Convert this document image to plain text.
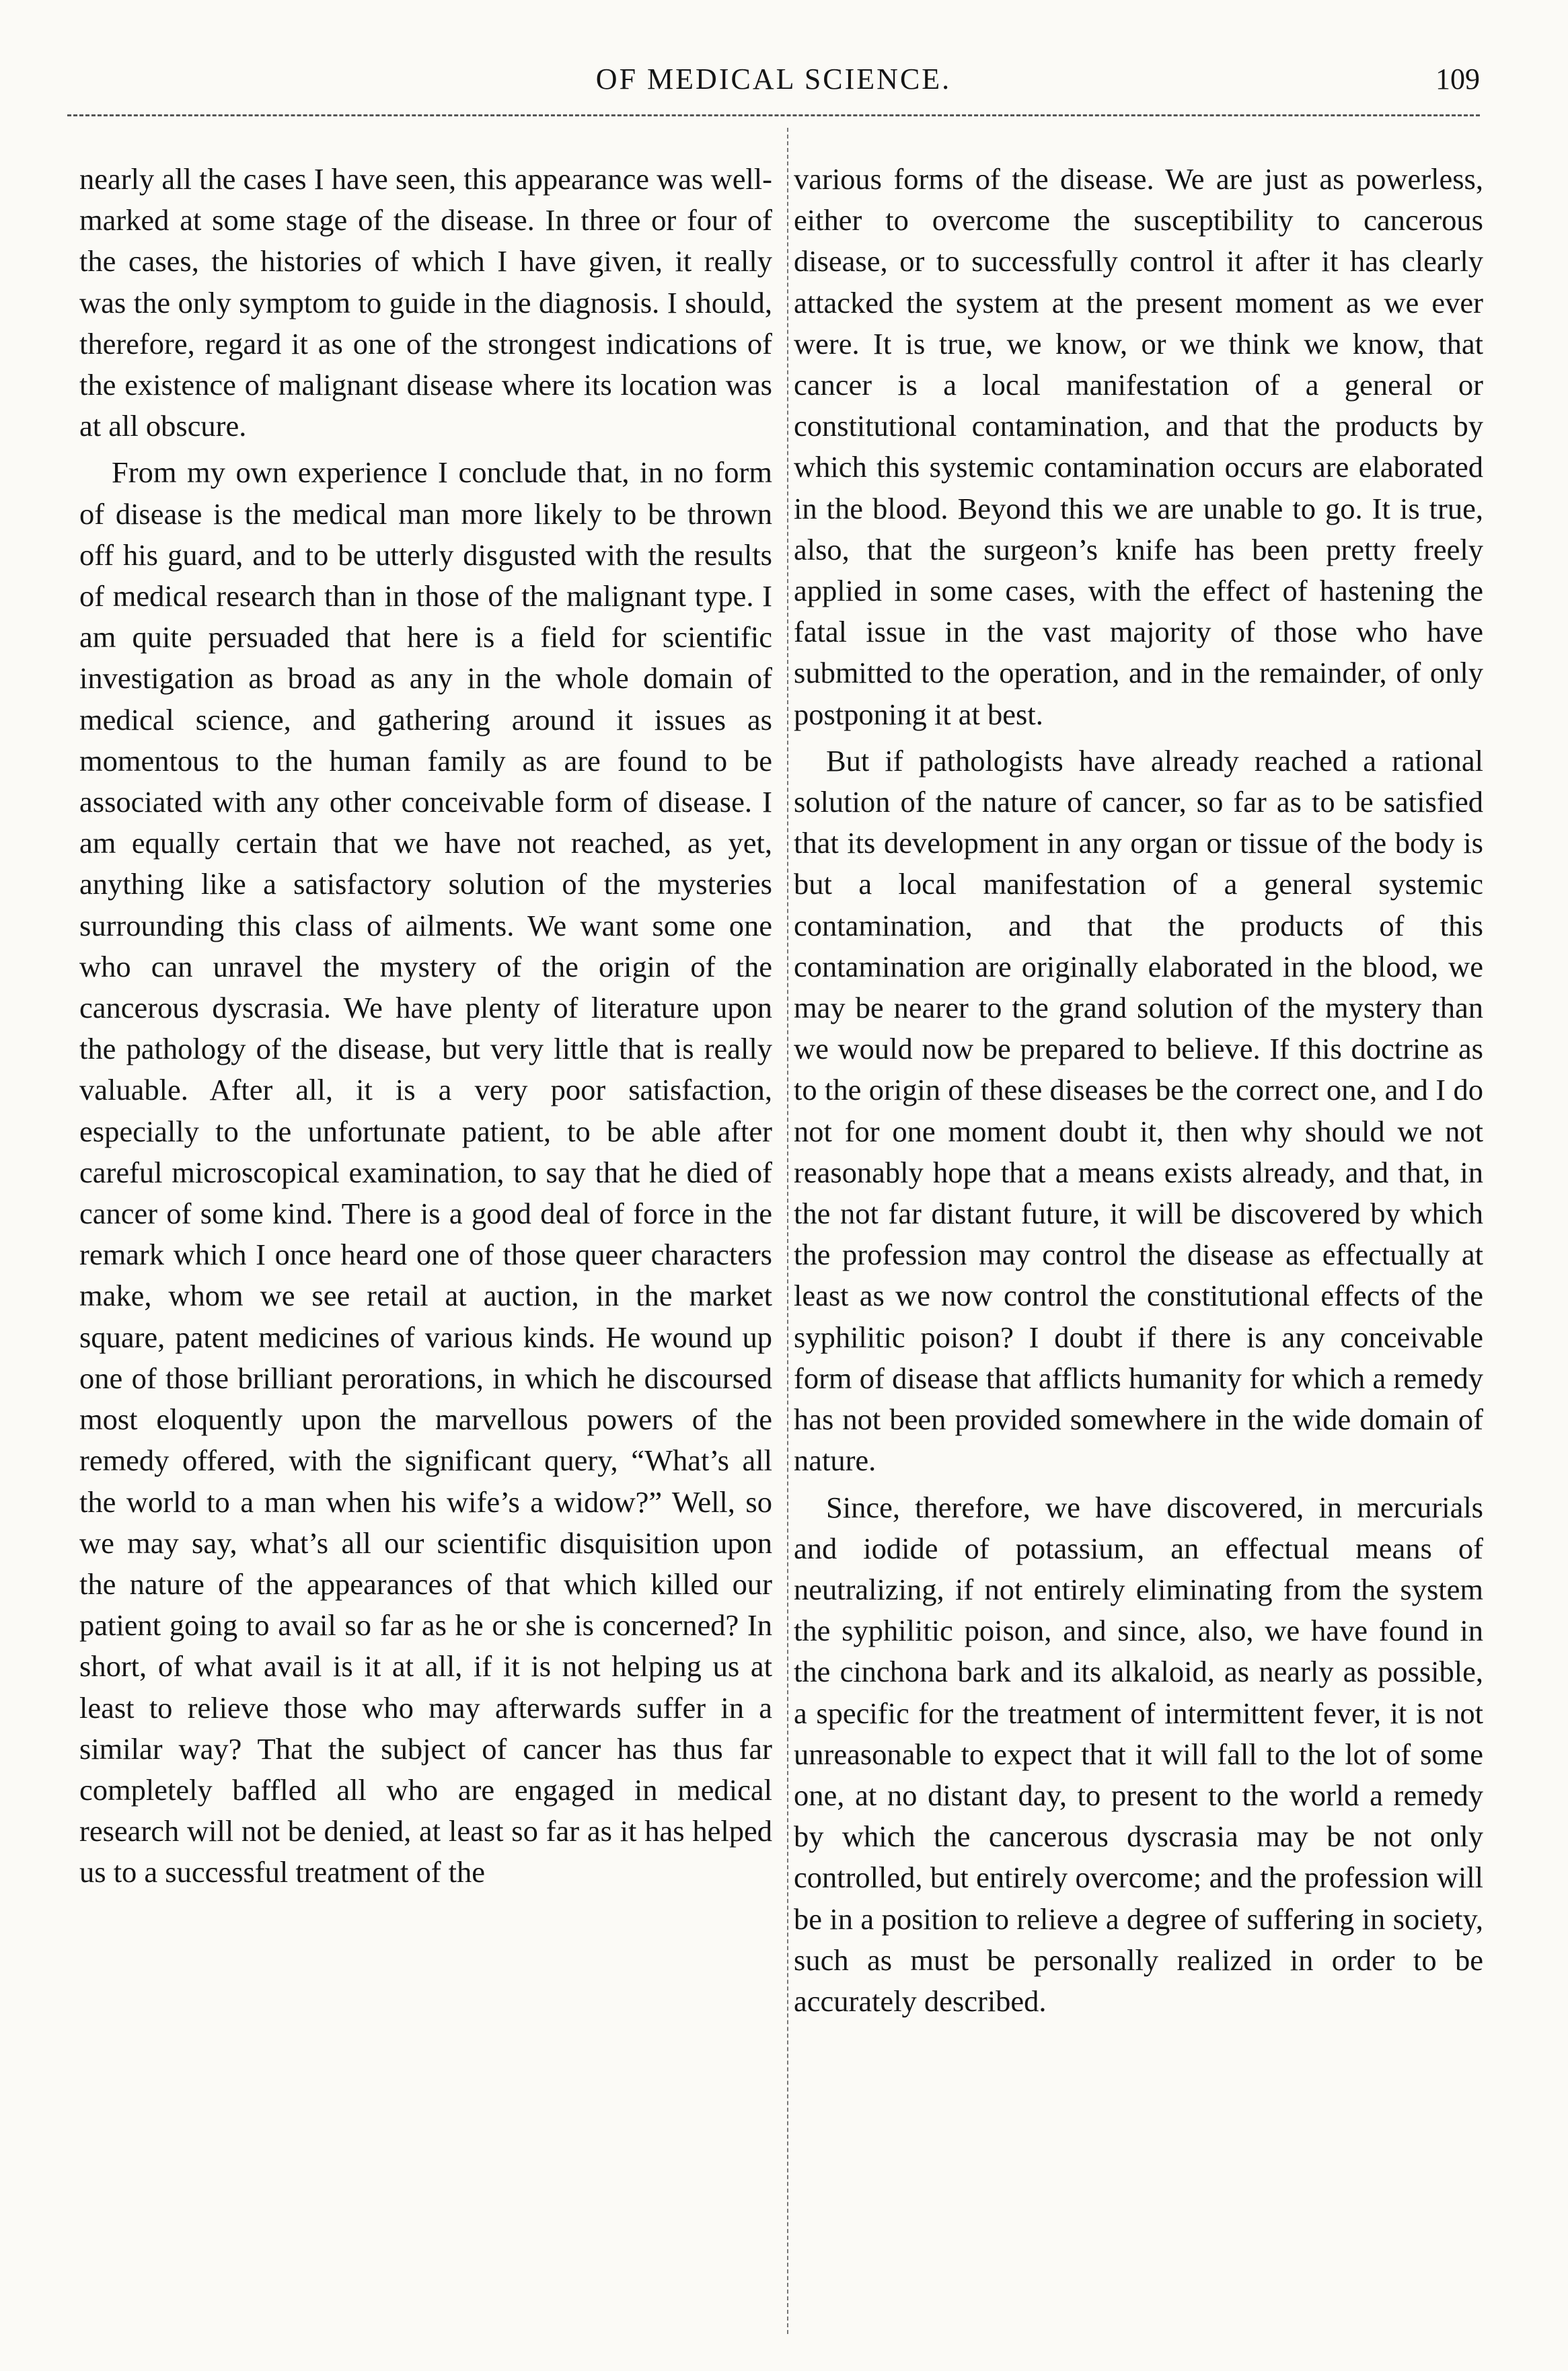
OF MEDICAL SCIENCE.	109

nearly all the cases I have seen, this appearance was well-marked at some stage of the disease. In three or four of the cases, the histories of which I have given, it really was the only symptom to guide in the diagnosis. I should, therefore, regard it as one of the strongest indications of the existence of malignant disease where its location was at all obscure.

From my own experience I conclude that, in no form of disease is the medical man more likely to be thrown off his guard, and to be utterly disgusted with the results of medical research than in those of the malignant type. I am quite persuaded that here is a field for scientific investigation as broad as any in the whole domain of medical science, and gathering around it issues as momentous to the human family as are found to be associated with any other conceivable form of disease. I am equally certain that we have not reached, as yet, anything like a satisfactory solution of the mysteries surrounding this class of ailments. We want some one who can unravel the mystery of the origin of the cancerous dyscrasia. We have plenty of literature upon the pathology of the disease, but very little that is really valuable. After all, it is a very poor satisfaction, especially to the unfortunate patient, to be able after careful microscopical examination, to say that he died of cancer of some kind. There is a good deal of force in the remark which I once heard one of those queer characters make, whom we see retail at auction, in the market square, patent medicines of various kinds. He wound up one of those brilliant perorations, in which he discoursed most eloquently upon the marvellous powers of the remedy offered, with the significant query, “What’s all the world to a man when his wife’s a widow?” Well, so we may say, what’s all our scientific disquisition upon the nature of the appearances of that which killed our patient going to avail so far as he or she is concerned? In short, of what avail is it at all, if it is not helping us at least to relieve those who may afterwards suffer in a similar way? That the subject of cancer has thus far completely baffled all who are engaged in medical research will not be denied, at least so far as it has helped us to a successful treatment of the

various forms of the disease. We are just as powerless, either to overcome the susceptibility to cancerous disease, or to successfully control it after it has clearly attacked the system at the present moment as we ever were. It is true, we know, or we think we know, that cancer is a local manifestation of a general or constitutional contamination, and that the products by which this systemic contamination occurs are elaborated in the blood. Beyond this we are unable to go. It is true, also, that the surgeon’s knife has been pretty freely applied in some cases, with the effect of hastening the fatal issue in the vast majority of those who have submitted to the operation, and in the remainder, of only postponing it at best.

But if pathologists have already reached a rational solution of the nature of cancer, so far as to be satisfied that its development in any organ or tissue of the body is but a local manifestation of a general systemic contamination, and that the products of this contamination are originally elaborated in the blood, we may be nearer to the grand solution of the mystery than we would now be prepared to believe. If this doctrine as to the origin of these diseases be the correct one, and I do not for one moment doubt it, then why should we not reasonably hope that a means exists already, and that, in the not far distant future, it will be discovered by which the profession may control the disease as effectually at least as we now control the constitutional effects of the syphilitic poison? I doubt if there is any conceivable form of disease that afflicts humanity for which a remedy has not been provided somewhere in the wide domain of nature.

Since, therefore, we have discovered, in mercurials and iodide of potassium, an effectual means of neutralizing, if not entirely eliminating from the system the syphilitic poison, and since, also, we have found in the cinchona bark and its alkaloid, as nearly as possible, a specific for the treatment of intermittent fever, it is not unreasonable to expect that it will fall to the lot of some one, at no distant day, to present to the world a remedy by which the cancerous dyscrasia may be not only controlled, but entirely overcome; and the profession will be in a position to relieve a degree of suffering in society, such as must be personally realized in order to be accurately described.
